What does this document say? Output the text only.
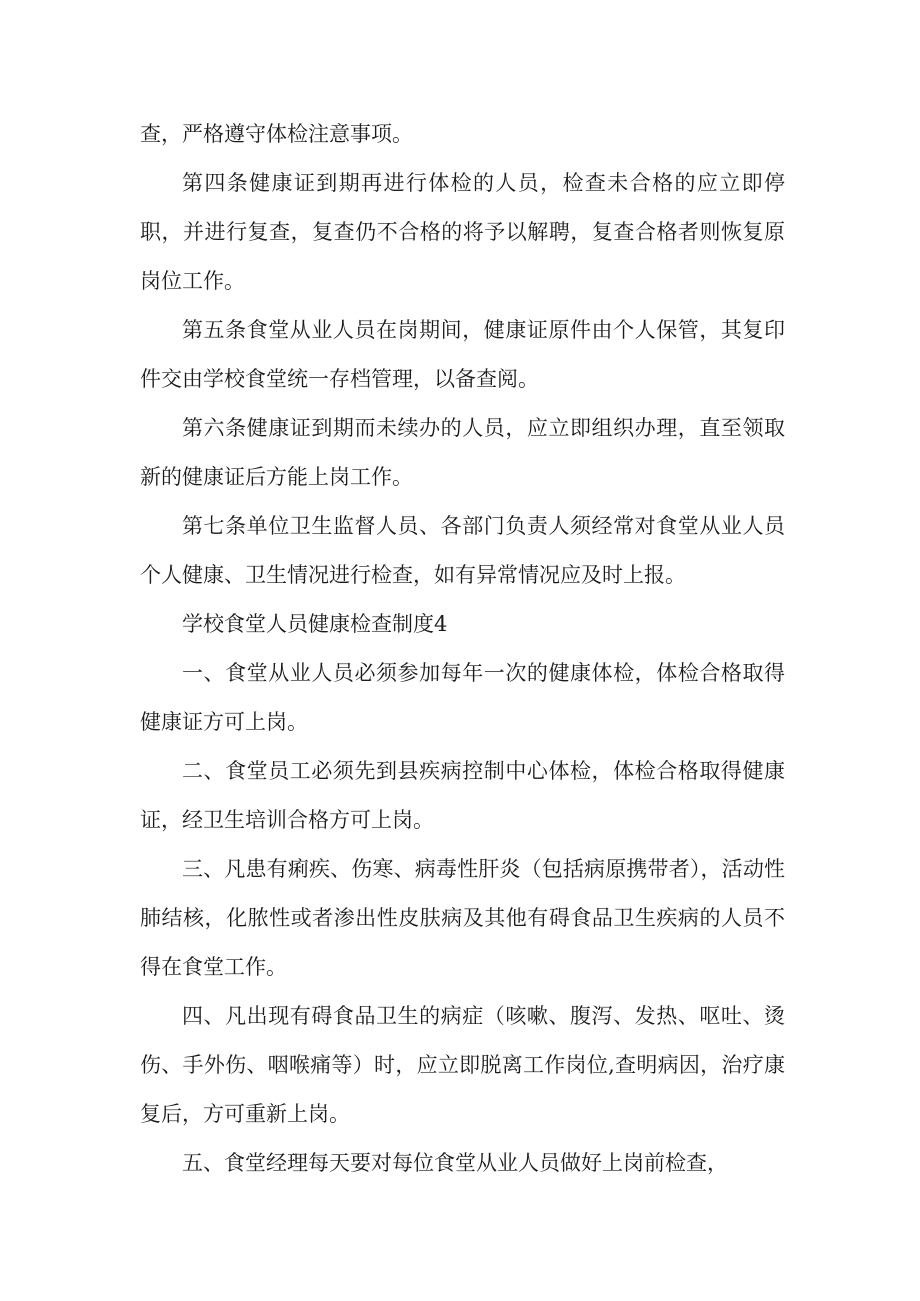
查，严格遵守体检注意事项。

第四条健康证到期再进行体检的人员，检查未合格的应立即停职，并进行复查，复查仍不合格的将予以解聘，复查合格者则恢复原岗位工作。

第五条食堂从业人员在岗期间，健康证原件由个人保管，其复印件交由学校食堂统一存档管理，以备查阅。

第六条健康证到期而未续办的人员，应立即组织办理，直至领取新的健康证后方能上岗工作。

第七条单位卫生监督人员、各部门负责人须经常对食堂从业人员个人健康、卫生情况进行检查，如有异常情况应及时上报。

学校食堂人员健康检查制度4

一、食堂从业人员必须参加每年一次的健康体检，体检合格取得健康证方可上岗。

二、食堂员工必须先到县疾病控制中心体检，体检合格取得健康证，经卫生培训合格方可上岗。

三、凡患有痢疾、伤寒、病毒性肝炎（包括病原携带者），活动性肺结核，化脓性或者渗出性皮肤病及其他有碍食品卫生疾病的人员不得在食堂工作。

四、凡出现有碍食品卫生的病症（咳嗽、腹泻、发热、呕吐、烫伤、手外伤、咽喉痛等）时，应立即脱离工作岗位,查明病因，治疗康复后，方可重新上岗。

五、食堂经理每天要对每位食堂从业人员做好上岗前检查，
